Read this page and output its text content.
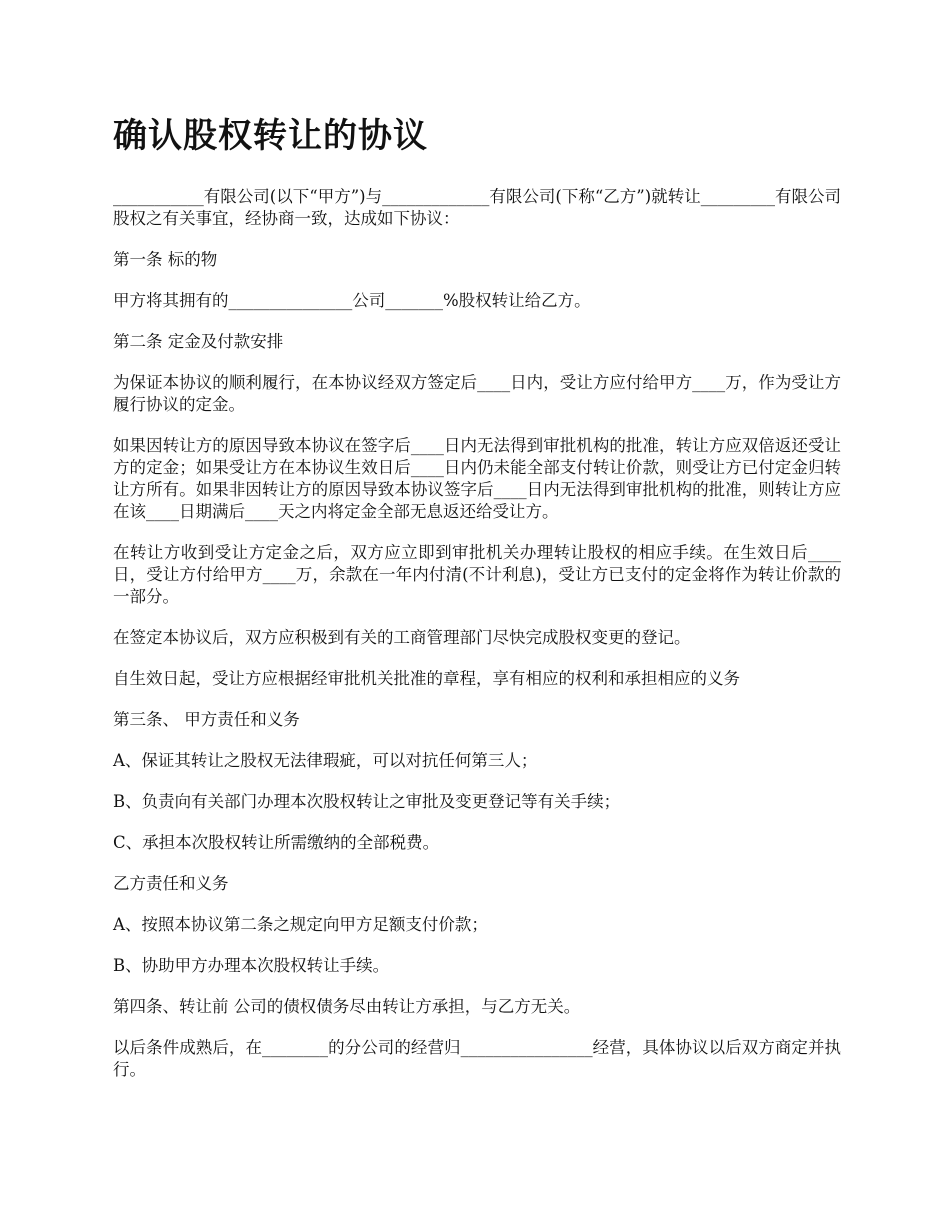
确认股权转让的协议

___________有限公司(以下“甲方”)与_____________有限公司(下称“乙方”)就转让_________有限公司股权之有关事宜，经协商一致，达成如下协议：

第一条 标的物

甲方将其拥有的_______________公司_______%股权转让给乙方。

第二条 定金及付款安排

为保证本协议的顺利履行，在本协议经双方签定后____日内，受让方应付给甲方____万，作为受让方履行协议的定金。

如果因转让方的原因导致本协议在签字后____日内无法得到审批机构的批准，转让方应双倍返还受让方的定金；如果受让方在本协议生效日后____日内仍未能全部支付转让价款，则受让方已付定金归转让方所有。如果非因转让方的原因导致本协议签字后____日内无法得到审批机构的批准，则转让方应在该____日期满后____天之内将定金全部无息返还给受让方。

在转让方收到受让方定金之后，双方应立即到审批机关办理转让股权的相应手续。在生效日后____日，受让方付给甲方____万，余款在一年内付清(不计利息)，受让方已支付的定金将作为转让价款的一部分。

在签定本协议后，双方应积极到有关的工商管理部门尽快完成股权变更的登记。

自生效日起，受让方应根据经审批机关批准的章程，享有相应的权利和承担相应的义务

第三条、 甲方责任和义务

A、保证其转让之股权无法律瑕疵，可以对抗任何第三人；

B、负责向有关部门办理本次股权转让之审批及变更登记等有关手续；

C、承担本次股权转让所需缴纳的全部税费。

乙方责任和义务

A、按照本协议第二条之规定向甲方足额支付价款；

B、协助甲方办理本次股权转让手续。

第四条、转让前 公司的债权债务尽由转让方承担，与乙方无关。

以后条件成熟后，在________的分公司的经营归________________经营，具体协议以后双方商定并执行。
